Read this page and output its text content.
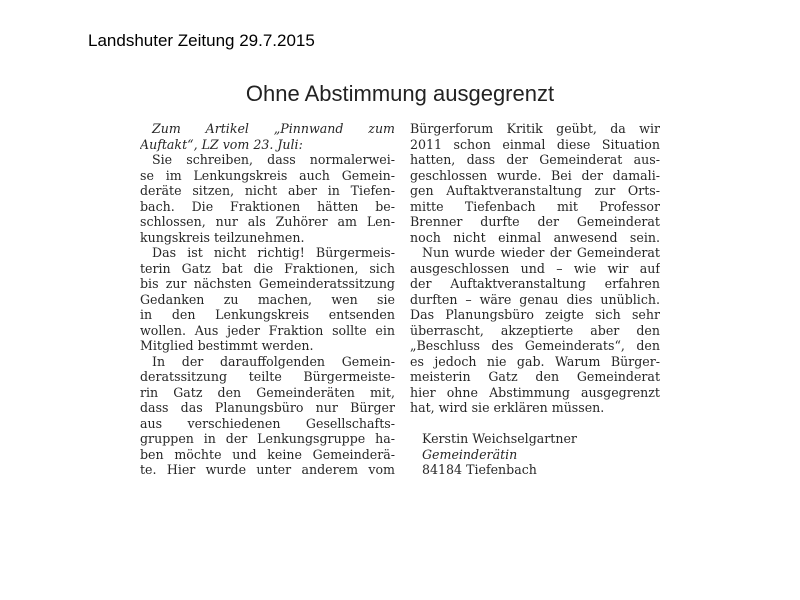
Landshuter Zeitung 29.7.2015
Ohne Abstimmung ausgegrenzt
Zum Artikel „Pinnwand zum
Auftakt“, LZ vom 23. Juli:
Sie schreiben, dass normalerwei-
se im Lenkungskreis auch Gemein-
deräte sitzen, nicht aber in Tiefen-
bach. Die Fraktionen hätten be-
schlossen, nur als Zuhörer am Len-
kungskreis teilzunehmen.
Das ist nicht richtig! Bürgermeis-
terin Gatz bat die Fraktionen, sich
bis zur nächsten Gemeinderatssitzung
Gedanken zu machen, wen sie
in den Lenkungskreis entsenden
wollen. Aus jeder Fraktion sollte ein
Mitglied bestimmt werden.
In der darauffolgenden Gemein-
deratssitzung teilte Bürgermeiste-
rin Gatz den Gemeinderäten mit,
dass das Planungsbüro nur Bürger
aus verschiedenen Gesellschafts-
gruppen in der Lenkungsgruppe ha-
ben möchte und keine Gemeinderä-
te. Hier wurde unter anderem vom
Bürgerforum Kritik geübt, da wir
2011 schon einmal diese Situation
hatten, dass der Gemeinderat aus-
geschlossen wurde. Bei der damali-
gen Auftaktveranstaltung zur Orts-
mitte Tiefenbach mit Professor
Brenner durfte der Gemeinderat
noch nicht einmal anwesend sein.
Nun wurde wieder der Gemeinderat
ausgeschlossen und – wie wir auf
der Auftaktveranstaltung erfahren
durften – wäre genau dies unüblich.
Das Planungsbüro zeigte sich sehr
überrascht, akzeptierte aber den
„Beschluss des Gemeinderats“, den
es jedoch nie gab. Warum Bürger-
meisterin Gatz den Gemeinderat
hier ohne Abstimmung ausgegrenzt
hat, wird sie erklären müssen.

Kerstin Weichselgartner
Gemeinderätin
84184 Tiefenbach
